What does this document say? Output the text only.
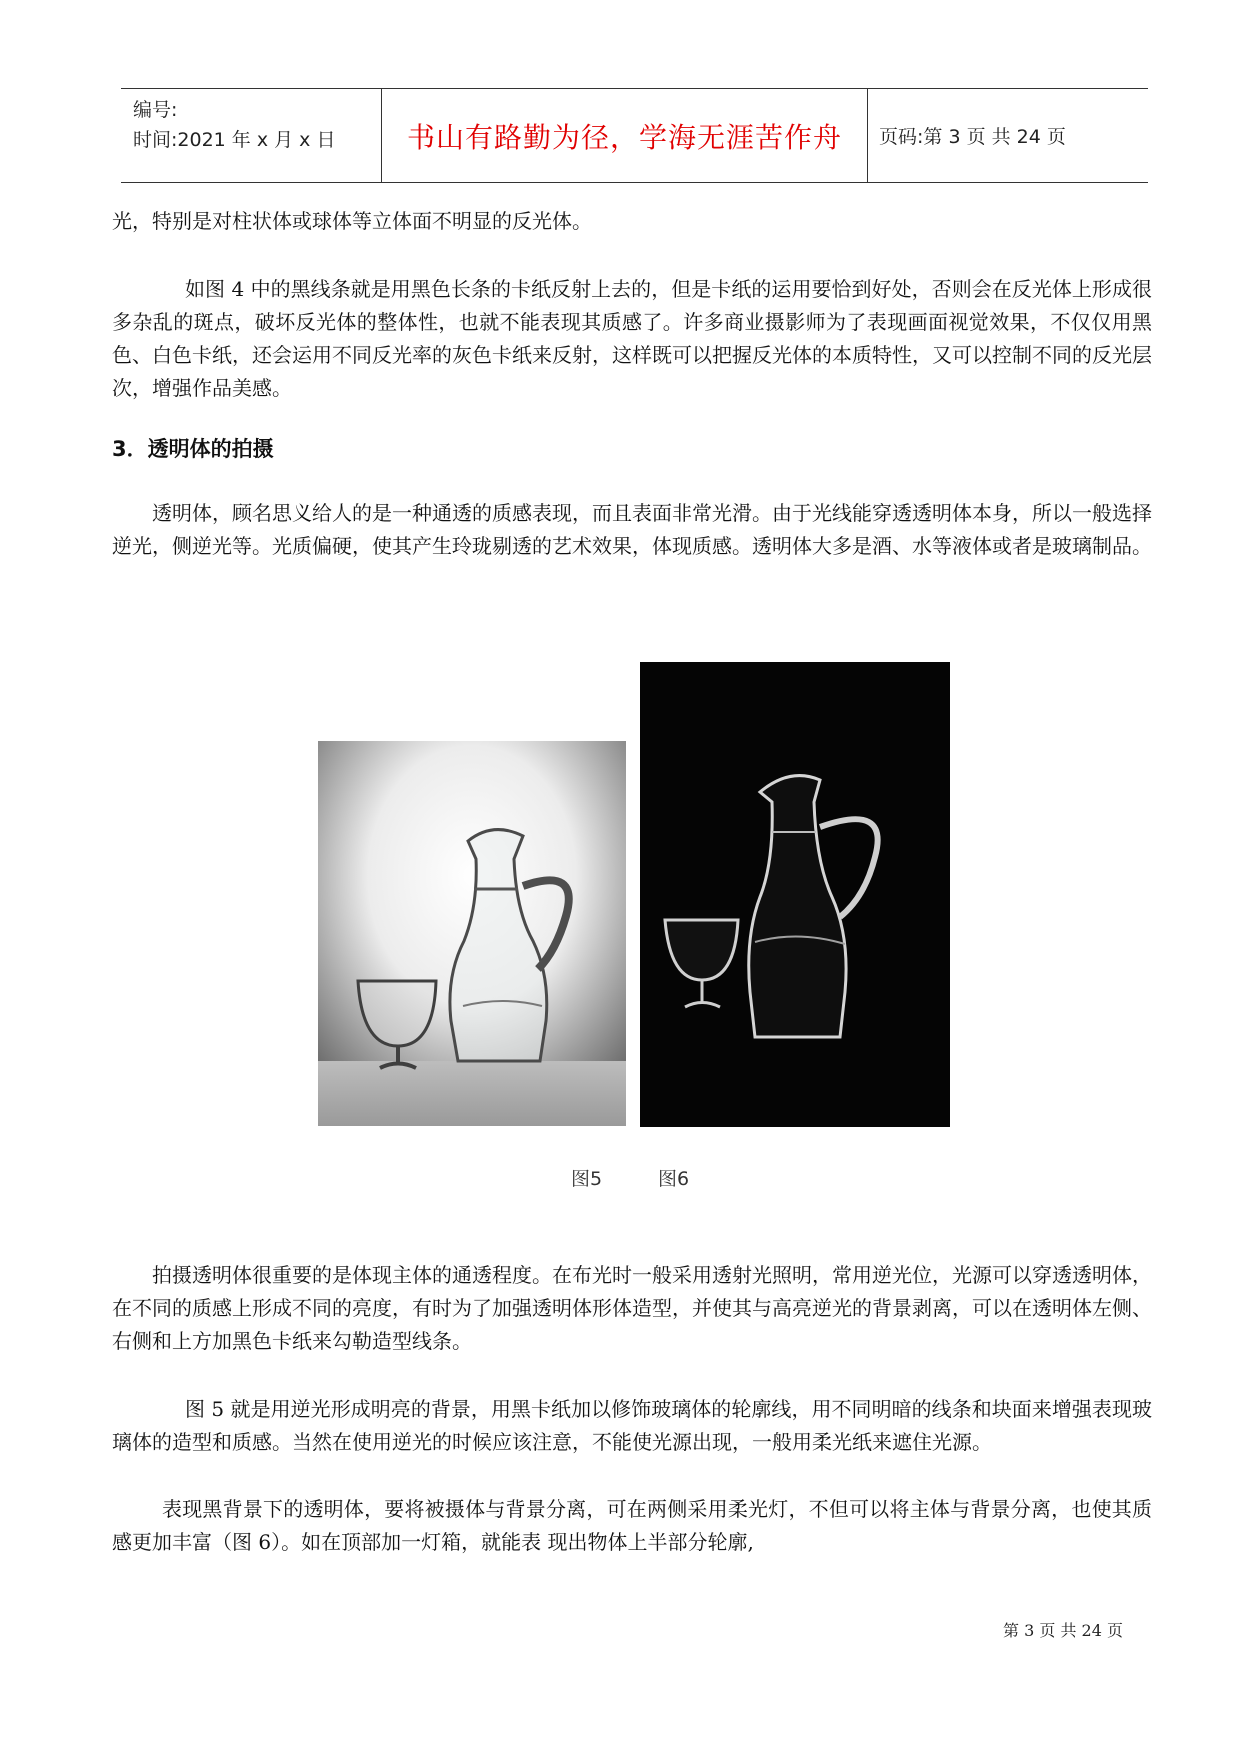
编号:
时间:2021 年 x 月 x 日	书山有路勤为径，学海无涯苦作舟	页码:第 3 页 共 24 页

光，特别是对柱状体或球体等立体面不明显的反光体。

如图 4 中的黑线条就是用黑色长条的卡纸反射上去的，但是卡纸的运用要恰到好处，否则会在反光体上形成很多杂乱的斑点，破坏反光体的整体性，也就不能表现其质感了。许多商业摄影师为了表现画面视觉效果，不仅仅用黑色、白色卡纸，还会运用不同反光率的灰色卡纸来反射，这样既可以把握反光体的本质特性，又可以控制不同的反光层次，增强作品美感。

3．透明体的拍摄

透明体，顾名思义给人的是一种通透的质感表现，而且表面非常光滑。由于光线能穿透透明体本身，所以一般选择逆光，侧逆光等。光质偏硬，使其产生玲珑剔透的艺术效果，体现质感。透明体大多是酒、水等液体或者是玻璃制品。

图5	图6

拍摄透明体很重要的是体现主体的通透程度。在布光时一般采用透射光照明，常用逆光位，光源可以穿透透明体，在不同的质感上形成不同的亮度，有时为了加强透明体形体造型，并使其与高亮逆光的背景剥离，可以在透明体左侧、右侧和上方加黑色卡纸来勾勒造型线条。

图 5 就是用逆光形成明亮的背景，用黑卡纸加以修饰玻璃体的轮廓线，用不同明暗的线条和块面来增强表现玻璃体的造型和质感。当然在使用逆光的时候应该注意，不能使光源出现，一般用柔光纸来遮住光源。

表现黑背景下的透明体，要将被摄体与背景分离，可在两侧采用柔光灯，不但可以将主体与背景分离，也使其质感更加丰富（图 6）。如在顶部加一灯箱，就能表 现出物体上半部分轮廓,

第 3 页 共 24 页
